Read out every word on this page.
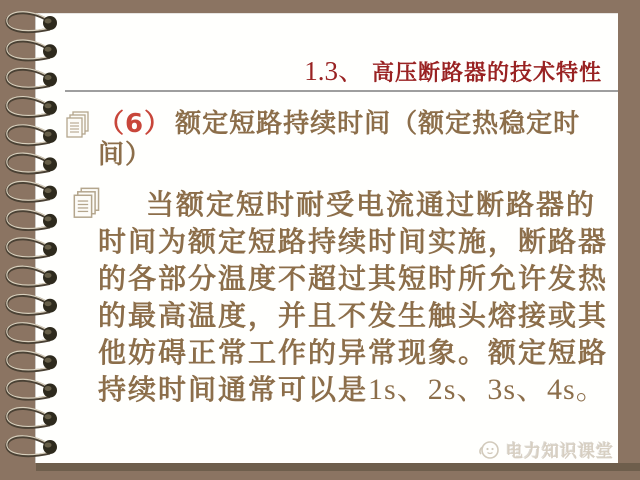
1.3、 高压断路器的技术特性
（6） 额定短路持续时间（额定热稳定时
间）
当额定短时耐受电流通过断路器的
时间为额定短路持续时间实施，断路器
的各部分温度不超过其短时所允许发热
的最高温度，并且不发生触头熔接或其
他妨碍正常工作的异常现象。额定短路
持续时间通常可以是1s、2s、3s、4s。
电力知识课堂
